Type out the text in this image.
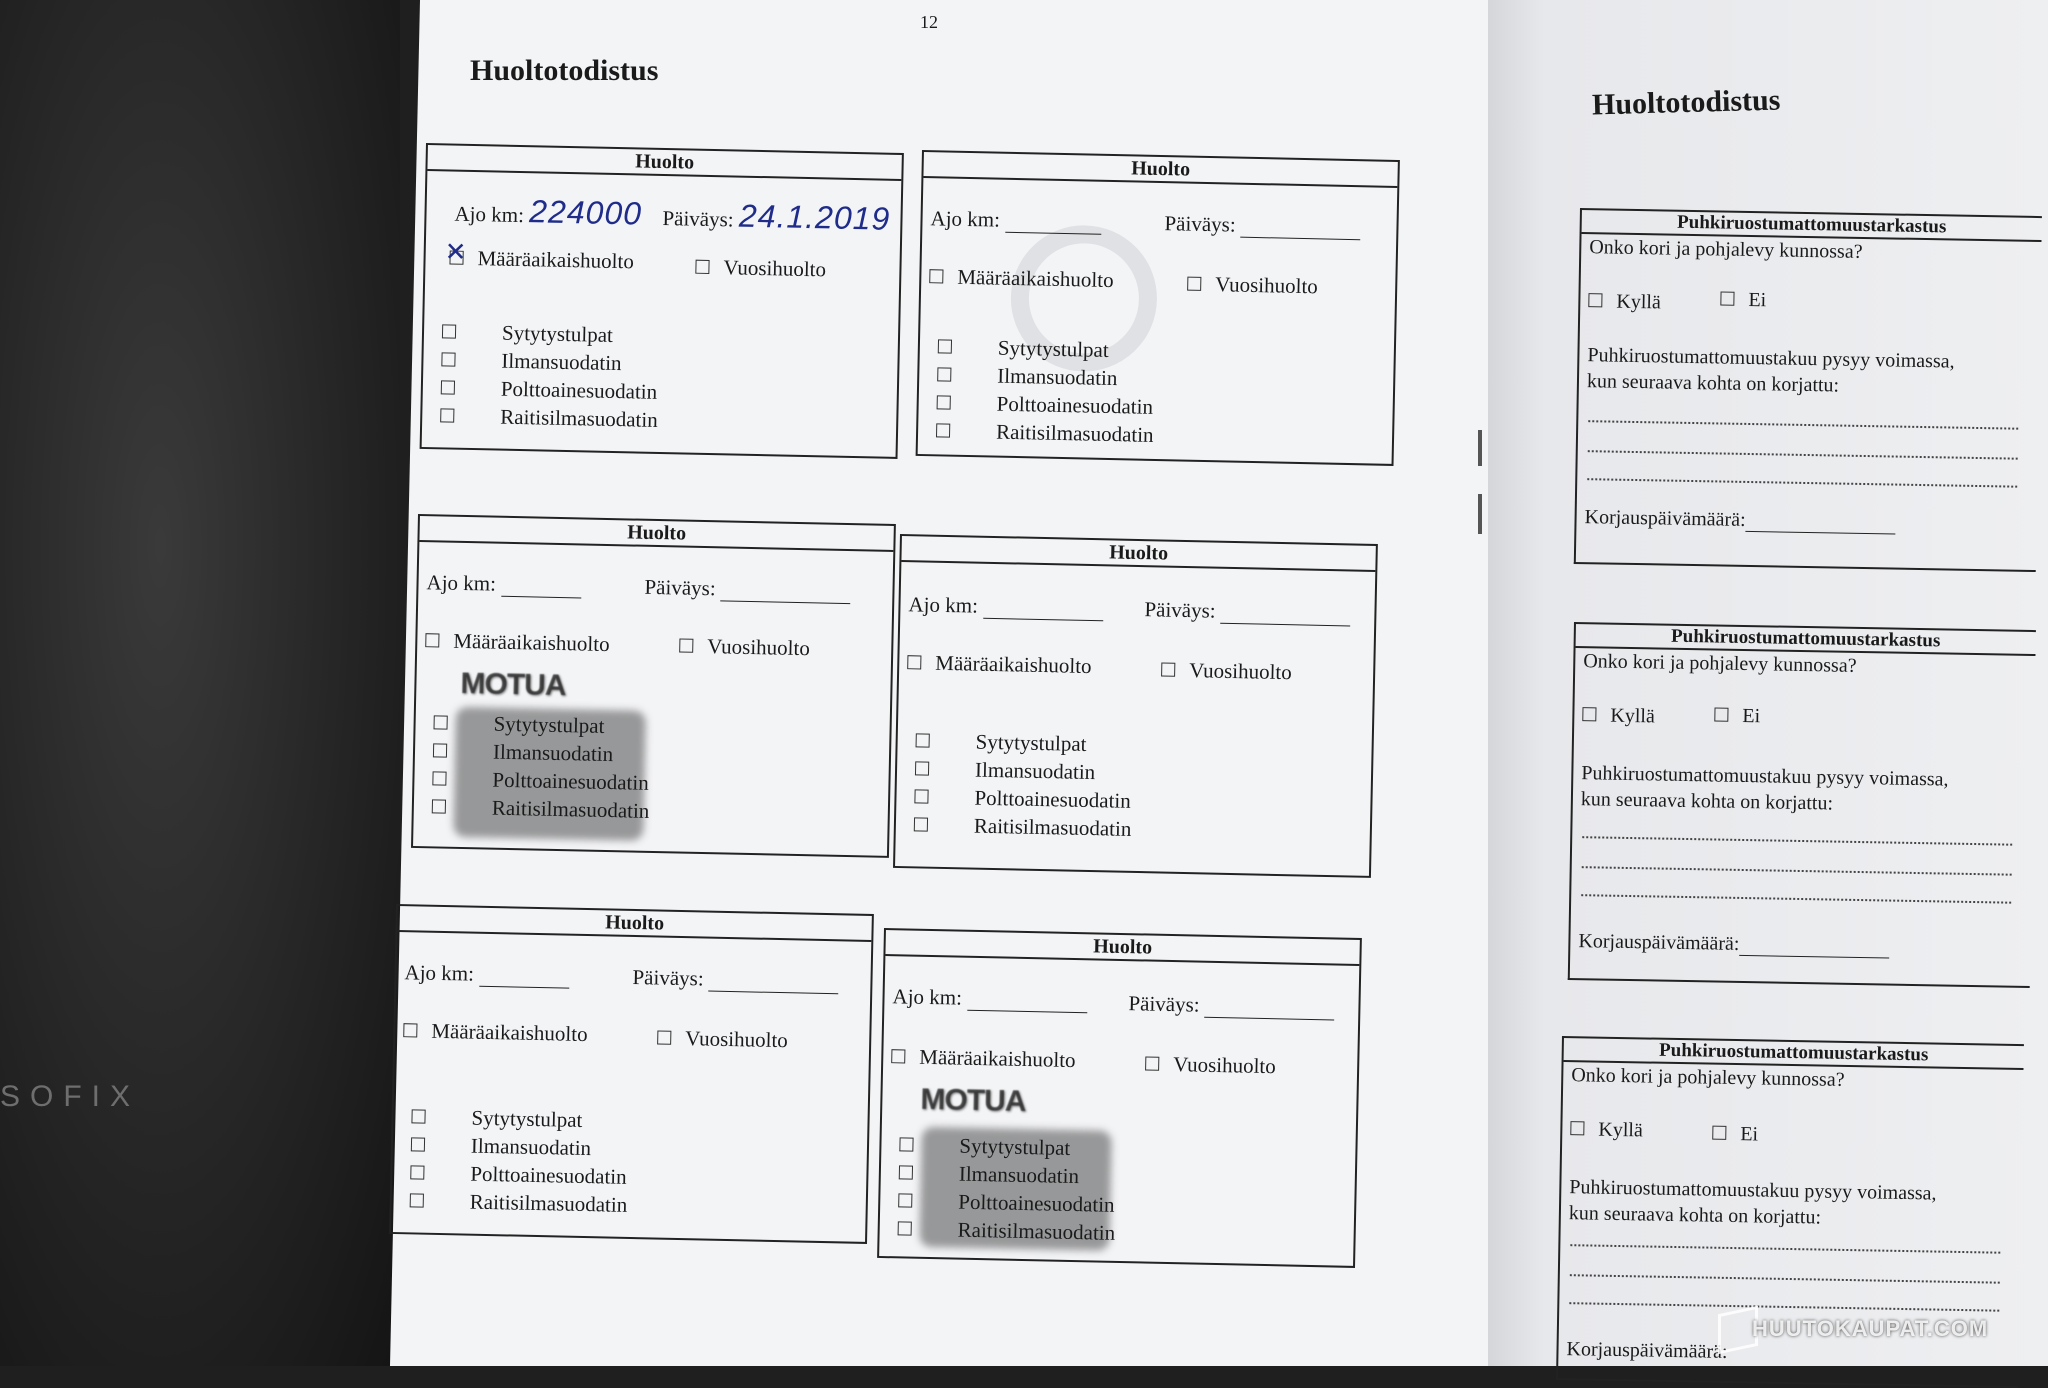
SOFIX
12
Huoltotodistus
Huolto
Ajo km: 224000 Päiväys: 24.1.2019
✕Määräaikaishuolto	Vuosihuolto
Sytytystulpat
Ilmansuodatin
Polttoainesuodatin
Raitisilmasuodatin
Huolto
Ajo km:	Päiväys:
Määräaikaishuolto	Vuosihuolto
Sytytystulpat
Ilmansuodatin
Polttoainesuodatin
Raitisilmasuodatin
Huolto
Ajo km:	Päiväys:
Määräaikaishuolto	Vuosihuolto
MOTUA
Sytytystulpat
Ilmansuodatin
Polttoainesuodatin
Raitisilmasuodatin
Huolto
Ajo km:	Päiväys:
Määräaikaishuolto	Vuosihuolto
Sytytystulpat
Ilmansuodatin
Polttoainesuodatin
Raitisilmasuodatin
Huolto
Ajo km:	Päiväys:
Määräaikaishuolto	Vuosihuolto
Sytytystulpat
Ilmansuodatin
Polttoainesuodatin
Raitisilmasuodatin
Huolto
Ajo km:	Päiväys:
Määräaikaishuolto	Vuosihuolto
MOTUA
Sytytystulpat
Ilmansuodatin
Polttoainesuodatin
Raitisilmasuodatin
Huoltotodistus
Puhkiruostumattomuustarkastus
Onko kori ja pohjalevy kunnossa?
Kyllä	Ei
Puhkiruostumattomuustakuu pysyy voimassa,
kun seuraava kohta on korjattu:
Korjauspäivämäärä:
Puhkiruostumattomuustarkastus
Onko kori ja pohjalevy kunnossa?
Kyllä	Ei
Puhkiruostumattomuustakuu pysyy voimassa,
kun seuraava kohta on korjattu:
Korjauspäivämäärä:
Puhkiruostumattomuustarkastus
Onko kori ja pohjalevy kunnossa?
Kyllä	Ei
Puhkiruostumattomuustakuu pysyy voimassa,
kun seuraava kohta on korjattu:
Korjauspäivämäärä:
HUUTOKAUPAT.COM
